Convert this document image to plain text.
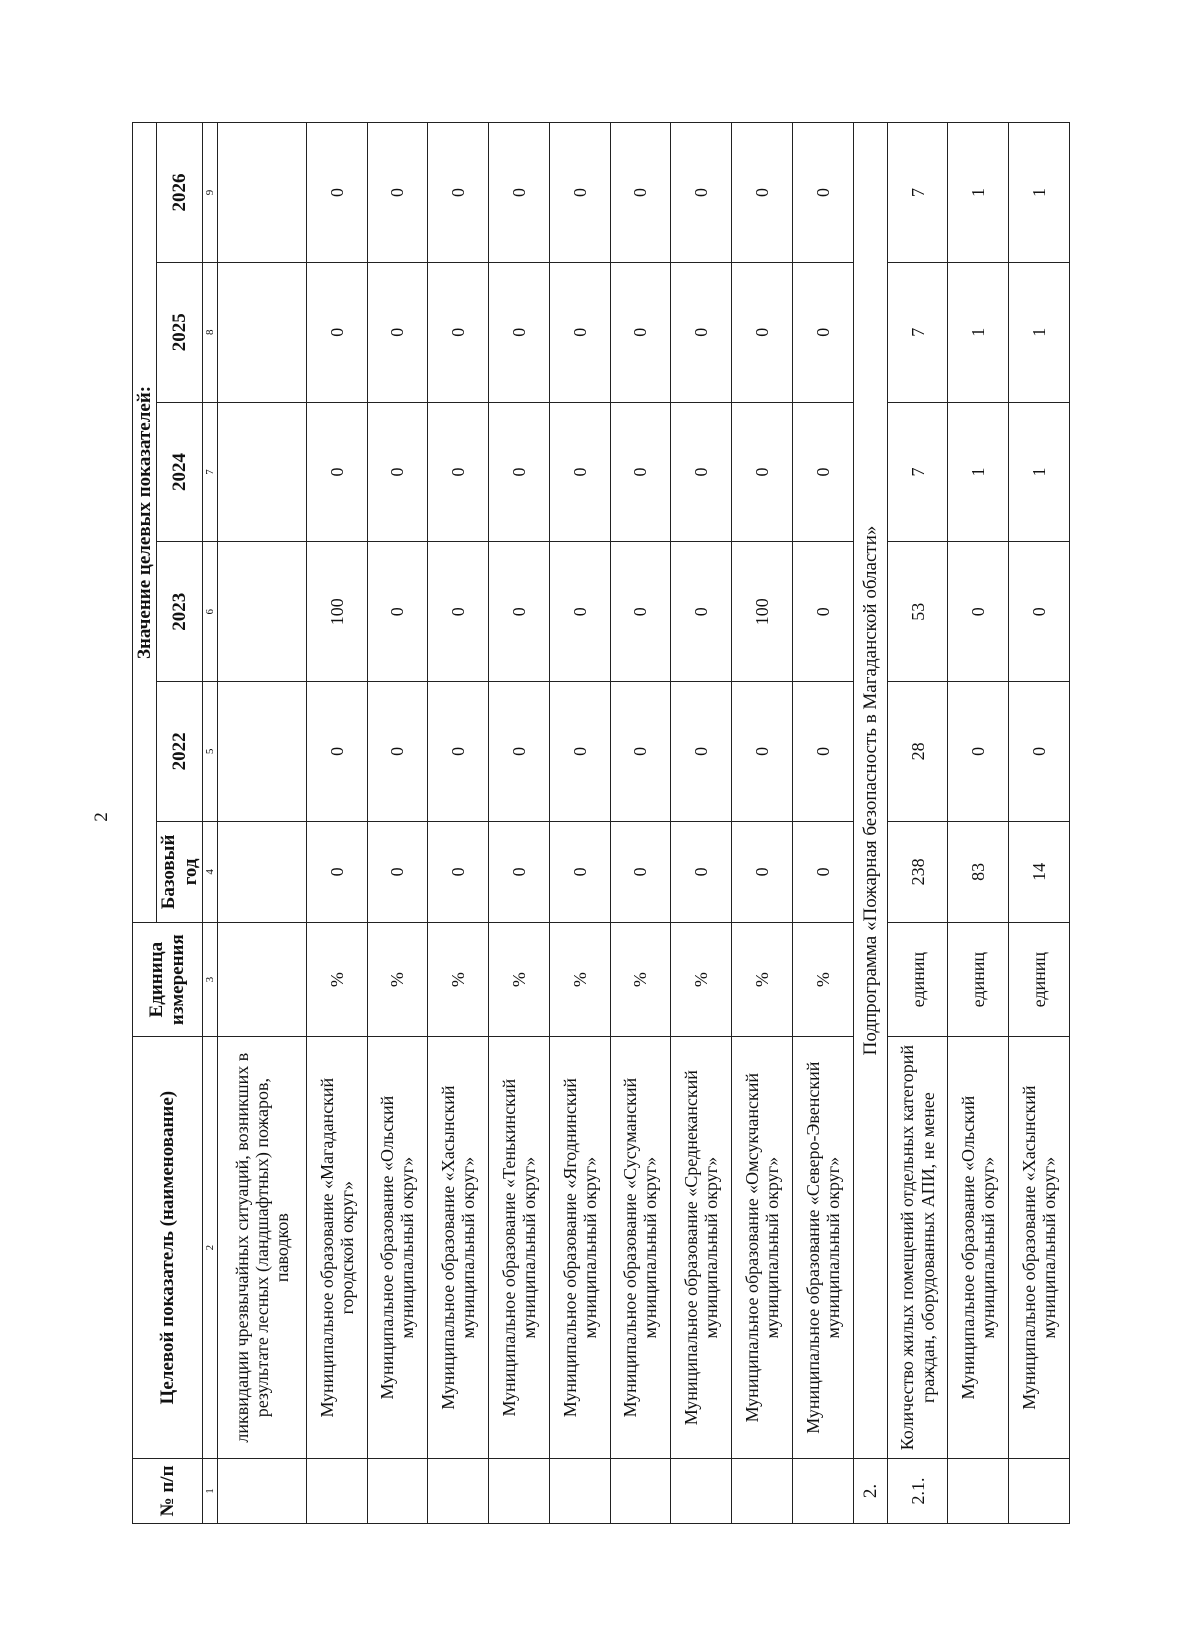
2
№ п/п	Целевой показатель (наименование)	Единица измерения	Значение целевых показателей:					
			Базовый год	2022	2023	2024	2025	2026
1	2	3	4	5	6	7	8	9
	ликвидации чрезвычайных ситуаций, возникших в результате лесных (ландшафтных) пожаров, паводков							
	Муниципальное образование «Магаданский городской округ»	%	0	0	100	0	0	0
	Муниципальное образование «Ольский муниципальный округ»	%	0	0	0	0	0	0
	Муниципальное образование «Хасынский муниципальный округ»	%	0	0	0	0	0	0
	Муниципальное образование «Тенькинский муниципальный округ»	%	0	0	0	0	0	0
	Муниципальное образование «Ягоднинский муниципальный округ»	%	0	0	0	0	0	0
	Муниципальное образование «Сусуманский муниципальный округ»	%	0	0	0	0	0	0
	Муниципальное образование «Среднеканский муниципальный округ»	%	0	0	0	0	0	0
	Муниципальное образование «Омсукчанский муниципальный округ»	%	0	0	100	0	0	0
	Муниципальное образование «Северо-Эвенский муниципальный округ»	%	0	0	0	0	0	0
2.	Подпрограмма «Пожарная безопасность в Магаданской области»							
2.1.	Количество жилых помещений отдельных категорий граждан, оборудованных АПИ, не менее	единиц	238	28	53	7	7	7
	Муниципальное образование «Ольский муниципальный округ»	единиц	83	0	0	1	1	1
	Муниципальное образование «Хасынский муниципальный округ»	единиц	14	0	0	1	1	1
